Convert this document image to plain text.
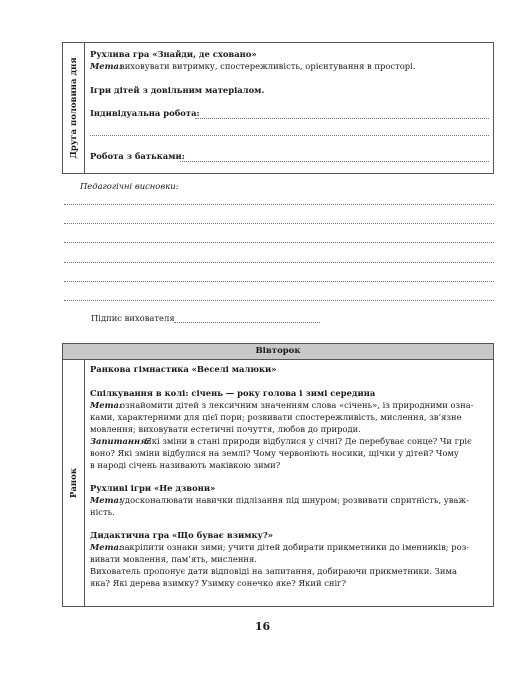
Друга половина дня
Рухлива гра «Знайди, де сховано»
Мета:
виховувати витримку, спостережливість, орієнтування в просторі.
Ігри дітей з довільним матеріалом.
Індивідуальна робота:
Робота з батьками:
Педагогічні висновки:
Підпис вихователя
Вівторок
Ранок
Ранкова гімнастика «Веселі малюки»
Спілкування в колі: січень — року голова і зимі середина
Мета:
ознайомити дітей з лексичним значенням слова «січень», із природними озна-
ками, характерними для цієї пори; розвивати спостережливість, мислення, зв’язне
мовлення; виховувати естетичні почуття, любов до природи.
Запитання:
Які зміни в стані природи відбулися у січні? Де перебуває сонце? Чи гріє
воно? Які зміни відбулися на землі? Чому червоніють носики, щічки у дітей? Чому
в народі січень називають маківкою зими?
Рухливі ігри «Не дзвони»
Мета:
удосконалювати навички підлізання під шнуром; розвивати спритність, уваж-
ність.
Дидактична гра «Що буває взимку?»
Мета:
закріпити ознаки зими; учити дітей добирати прикметники до іменників; роз-
вивати мовлення, пам’ять, мислення.
Вихователь пропонує дати відповіді на запитання, добираючи прикметники. Зима
яка? Які дерева взимку? Узимку сонечко яке? Який сніг?
16
